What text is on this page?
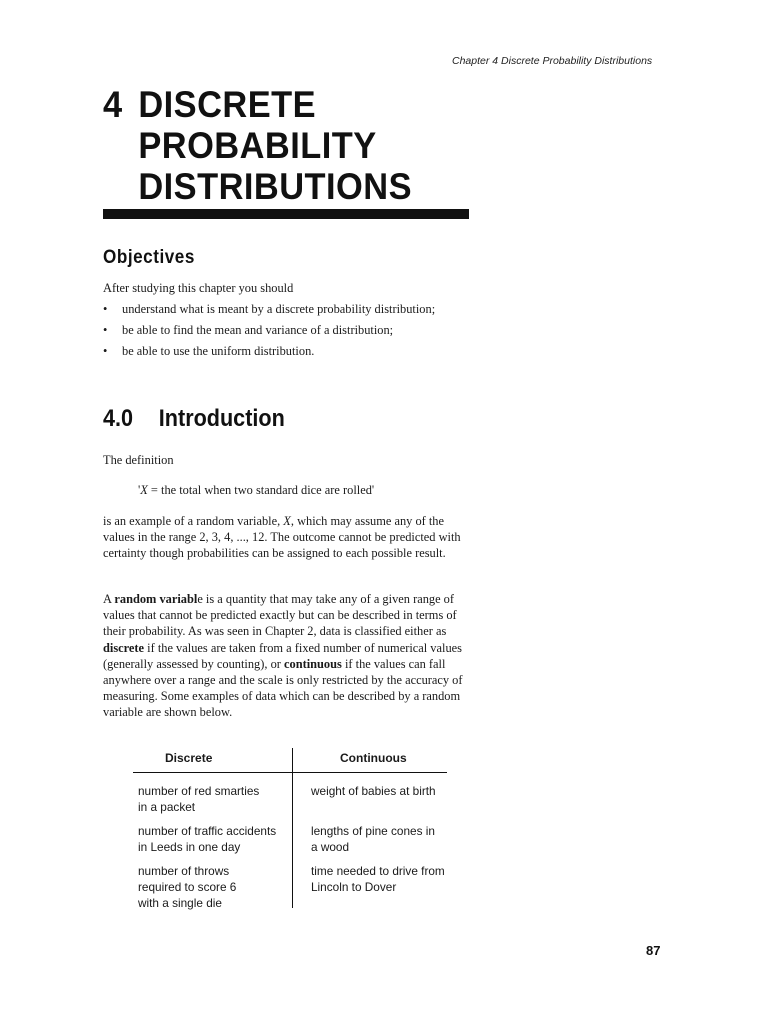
Chapter 4 Discrete Probability Distributions
4 DISCRETE
PROBABILITY
DISTRIBUTIONS
Objectives
After studying this chapter you should
• understand what is meant by a discrete probability distribution;
• be able to find the mean and variance of a distribution;
• be able to use the uniform distribution.
4.0 Introduction
The definition
'X = the total when two standard dice are rolled'
is an example of a random variable, X, which may assume any of the values in the range 2, 3, 4, ..., 12. The outcome cannot be predicted with certainty though probabilities can be assigned to each possible result.
A random variable is a quantity that may take any of a given range of values that cannot be predicted exactly but can be described in terms of their probability. As was seen in Chapter 2, data is classified either as discrete if the values are taken from a fixed number of numerical values (generally assessed by counting), or continuous if the values can fall anywhere over a range and the scale is only restricted by the accuracy of measuring. Some examples of data which can be described by a random variable are shown below.
Discrete	Continuous
number of red smarties
in a packet
weight of babies at birth
number of traffic accidents
in Leeds in one day
lengths of pine cones in
a wood
number of throws
required to score 6
with a single die
time needed to drive from
Lincoln to Dover
87
